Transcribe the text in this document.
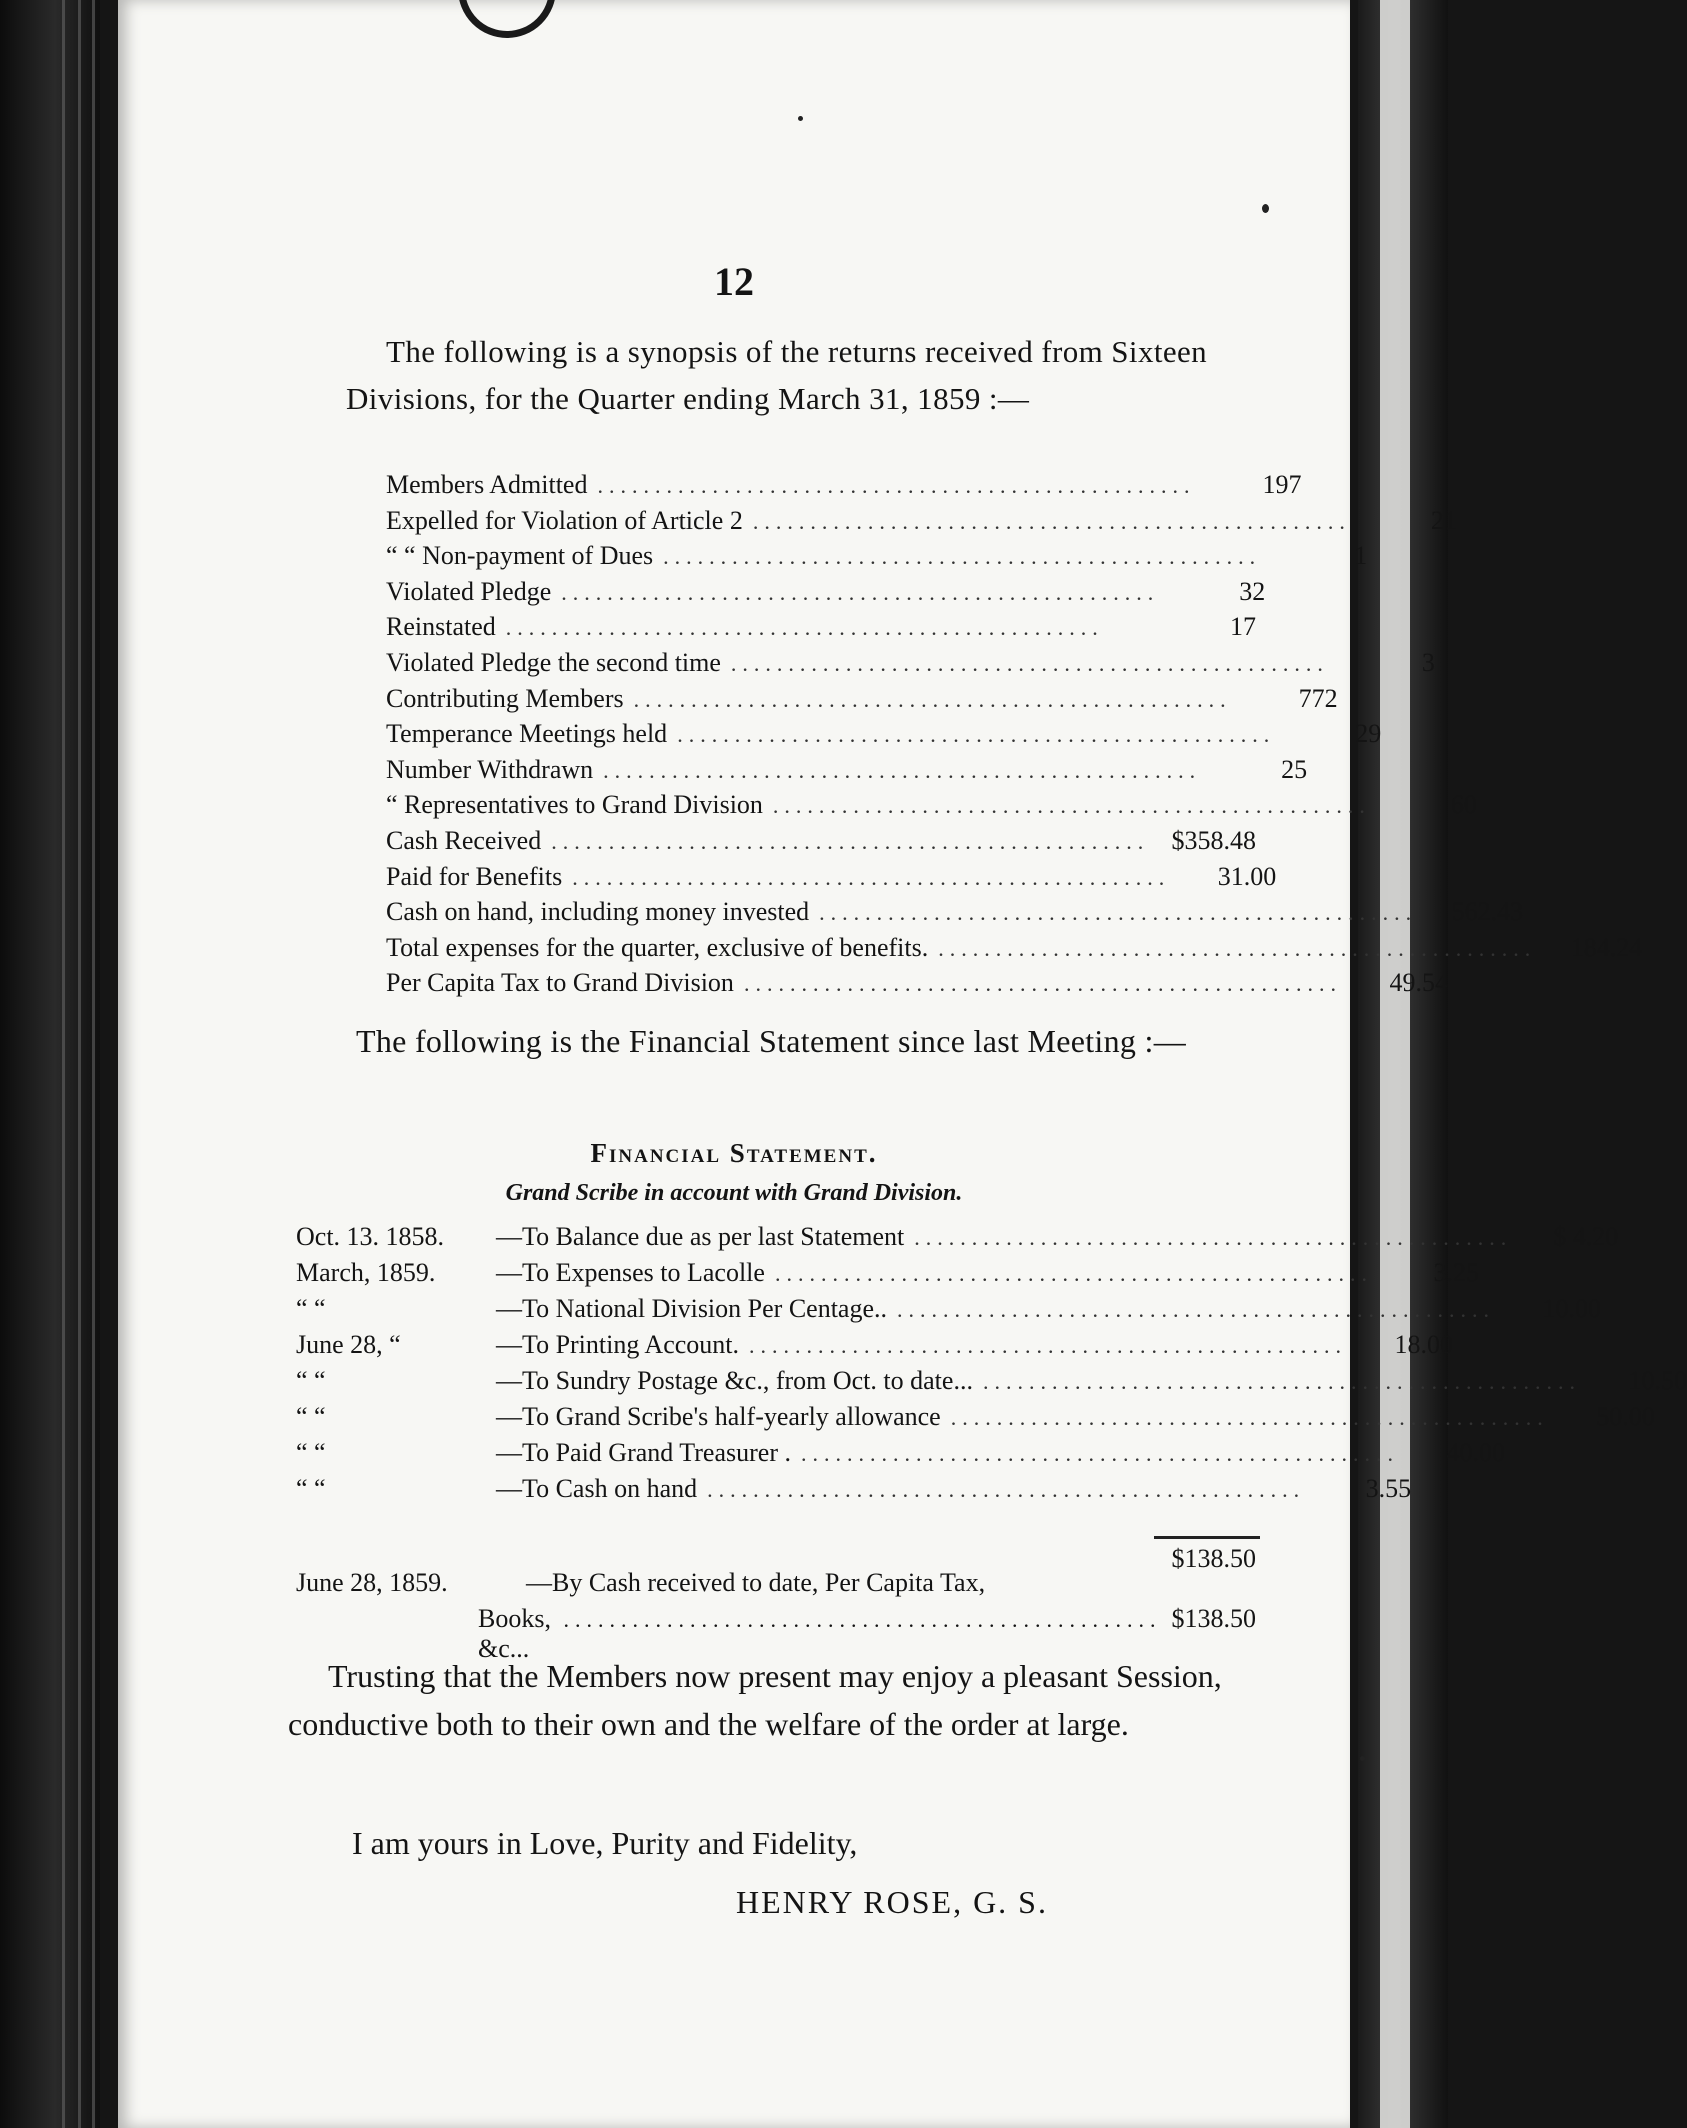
12

The following is a synopsis of the returns received from Sixteen Divisions, for the Quarter ending March 31, 1859 :—

Members Admitted ....................................................	197
Expelled for Violation of Article 2 ....................................................	21
“ “ Non-payment of Dues ....................................................	1
Violated Pledge ....................................................	32
Reinstated ....................................................	17
Violated Pledge the second time ....................................................	3
Contributing Members ....................................................	772
Temperance Meetings held ....................................................	29
Number Withdrawn ....................................................	25
“ Representatives to Grand Division ....................................................	60
Cash Received .................................................... $358.48
Paid for Benefits ....................................................	31.00
Cash on hand, including money invested ....................................................	562.43
Total expenses for the quarter, exclusive of benefits. ....................................................	184.24
Per Capita Tax to Grand Division ....................................................	49.54

The following is the Financial Statement since last Meeting :—

Financial Statement.
Grand Scribe in account with Grand Division.
Oct. 13. 1858.	—To Balance due as per last Statement ....................................................	$ 4.20
March, 1859.	—To Expenses to Lacolle ....................................................	3.25
“ “	—To National Division Per Centage.. ....................................................	10.00
June 28, “	—To Printing Account. ....................................................	18.00
“ “	—To Sundry Postage &c., from Oct. to date... ....................................................	10.50
“ “	—To Grand Scribe's half-yearly allowance ....................................................	50.00
“ “	—To Paid Grand Treasurer . ....................................................	40.00
“ “	—To Cash on hand ....................................................	3.55
$138.50
June 28, 1859.	—By Cash received to date, Per Capita Tax,
Books, &c...
.................................................... $138.50

Trusting that the Members now present may enjoy a pleasant Session, conductive both to their own and the welfare of the order at large.

I am yours in Love, Purity and Fidelity,
HENRY ROSE, G. S.
